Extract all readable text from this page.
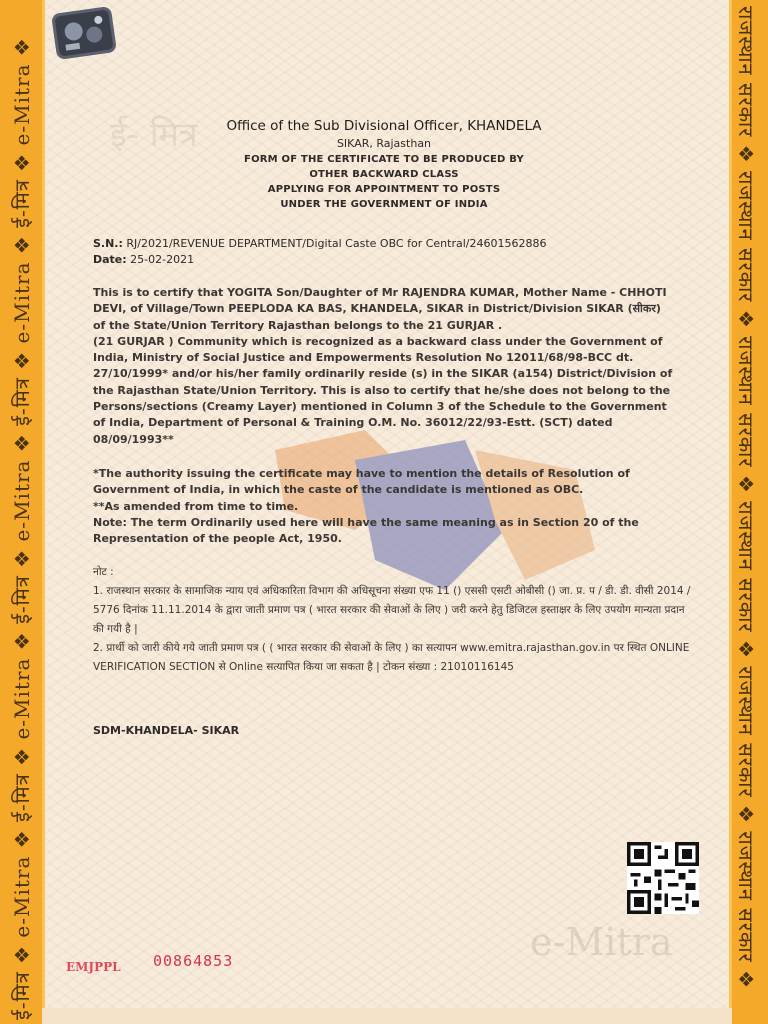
ई-मित्र ❖ e-Mitra ❖ ई-मित्र ❖ e-Mitra ❖ ई-मित्र ❖ e-Mitra ❖ ई-मित्र ❖ e-Mitra ❖ ई-मित्र ❖ e-Mitra ❖	राजस्थान सरकार ❖ राजस्थान सरकार ❖ राजस्थान सरकार ❖ राजस्थान सरकार ❖ राजस्थान सरकार ❖ राजस्थान सरकार ❖
ई- मित्र	Office of the Sub Divisional Officer, KHANDELA
SIKAR, Rajasthan
FORM OF THE CERTIFICATE TO BE PRODUCED BY
OTHER BACKWARD CLASS
APPLYING FOR APPOINTMENT TO POSTS
UNDER THE GOVERNMENT OF INDIA
S.N.: RJ/2021/REVENUE DEPARTMENT/Digital Caste OBC for Central/24601562886
Date: 25-02-2021

This is to certify that YOGITA Son/Daughter of Mr RAJENDRA KUMAR, Mother Name - CHHOTI DEVI, of Village/Town PEEPLODA KA BAS, KHANDELA, SIKAR in District/Division SIKAR (सीकर) of the State/Union Territory Rajasthan belongs to the 21 GURJAR .

(21 GURJAR ) Community which is recognized as a backward class under the Government of India, Ministry of Social Justice and Empowerments Resolution No 12011/68/98-BCC dt. 27/10/1999* and/or his/her family ordinarily reside (s) in the SIKAR (a154) District/Division of the Rajasthan State/Union Territory. This is also to certify that he/she does not belong to the Persons/sections (Creamy Layer) mentioned in Column 3 of the Schedule to the Government of India, Department of Personal & Training O.M. No. 36012/22/93-Estt. (SCT) dated 08/09/1993**

*The authority issuing the certificate may have to mention the details of Resolution of Government of India, in which the caste of the candidate is mentioned as OBC.

**As amended from time to time.

Note: The term Ordinarily used here will have the same meaning as in Section 20 of the Representation of the people Act, 1950.

नोट :
1. राजस्थान सरकार के सामाजिक न्याय एवं अधिकारिता विभाग की अधिसूचना संख्या एफ 11 () एससी एसटी ओबीसी () जा. प्र. प / डी. डी. वीसी 2014 / 5776 दिनांक 11.11.2014 के द्वारा जाती प्रमाण पत्र ( भारत सरकार की सेवाओं के लिए ) जरी करने हेतु डिजिटल हस्ताक्षर के लिए उपयोग मान्यता प्रदान की गयी है |
2. प्रार्थी को जारी कीये गये जाती प्रमाण पत्र ( ( भारत सरकार की सेवाओं के लिए ) का सत्यापन www.emitra.rajasthan.gov.in पर स्थित ONLINE VERIFICATION SECTION से Online सत्यापित किया जा सकता है | टोकन संख्या : 21010116145
SDM-KHANDELA- SIKAR
e-Mitra
EMJPPL 00864853
